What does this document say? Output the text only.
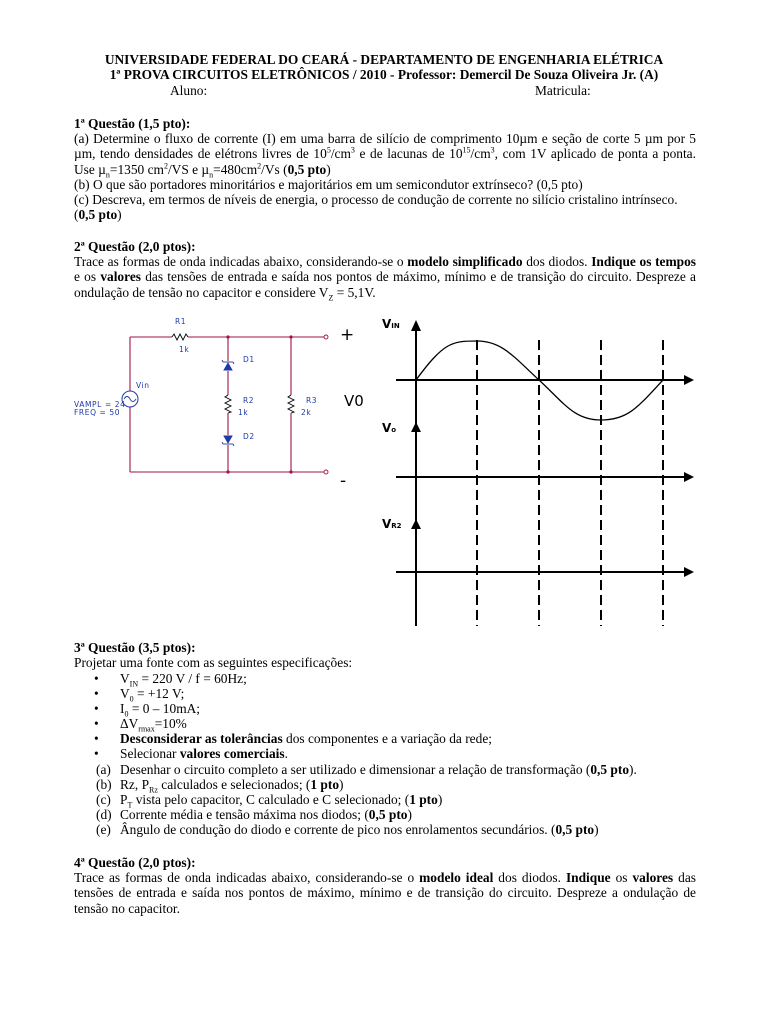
UNIVERSIDADE FEDERAL DO CEARÁ - DEPARTAMENTO DE ENGENHARIA ELÉTRICA
1ª PROVA CIRCUITOS ELETRÔNICOS / 2010 - Professor: Demercil De Souza Oliveira Jr. (A)
Aluno:	Matricula:

1ª Questão (1,5 pto):

(a) Determine o fluxo de corrente (I) em uma barra de silício de comprimento 10µm e seção de corte 5 µm por 5 µm, tendo densidades de elétrons livres de $10^5/cm^3$ e de lacunas de $10^{15}/cm^3$, com 1V aplicado de ponta a ponta. Use µ$_n$=1350 $cm^2/VS$ e $\mu_n=480cm^2/Vs$ (0,5 pto)

(b) O que são portadores minoritários e majoritários em um semicondutor extrínseco? (0,5 pto)

(c) Descreva, em termos de níveis de energia, o processo de condução de corrente no silício cristalino intrínseco. (0,5 pto)

2ª Questão (2,0 ptos):

Trace as formas de onda indicadas abaixo, considerando-se o modelo simplificado dos diodos. Indique os tempos e os valores das tensões de entrada e saída nos pontos de máximo, mínimo e de transição do circuito. Despreze a ondulação de tensão no capacitor e considere $V_Z = 5,1V$.

R1
1k
D1
R2
1k
R3
2k
D2
Vin
VAMPL = 24
FREQ = 50
+
-
V0
VIN
Vo
VR2

3ª Questão (3,5 ptos):

Projetar uma fonte com as seguintes especificações:

• $V_{IN} = 220$ V / f = 60Hz;
• $V_0 = +12$ V;
• $I_0 = 0 - 10mA$;
• $\Delta V_{rmax}=10\%$
• Desconsiderar as tolerâncias dos componentes e a variação da rede;
• Selecionar valores comerciais.
(a) Desenhar o circuito completo a ser utilizado e dimensionar a relação de transformação (0,5 pto).
(b) Rz, $P_{Rz}$ calculados e selecionados; (1 pto)
(c) $P_T$ vista pelo capacitor, C calculado e C selecionado; (1 pto)
(d) Corrente média e tensão máxima nos diodos; (0,5 pto)
(e) Ângulo de condução do diodo e corrente de pico nos enrolamentos secundários. (0,5 pto)

4ª Questão (2,0 ptos):

Trace as formas de onda indicadas abaixo, considerando-se o modelo ideal dos diodos. Indique os valores das tensões de entrada e saída nos pontos de máximo, mínimo e de transição do circuito. Despreze a ondulação de tensão no capacitor.
